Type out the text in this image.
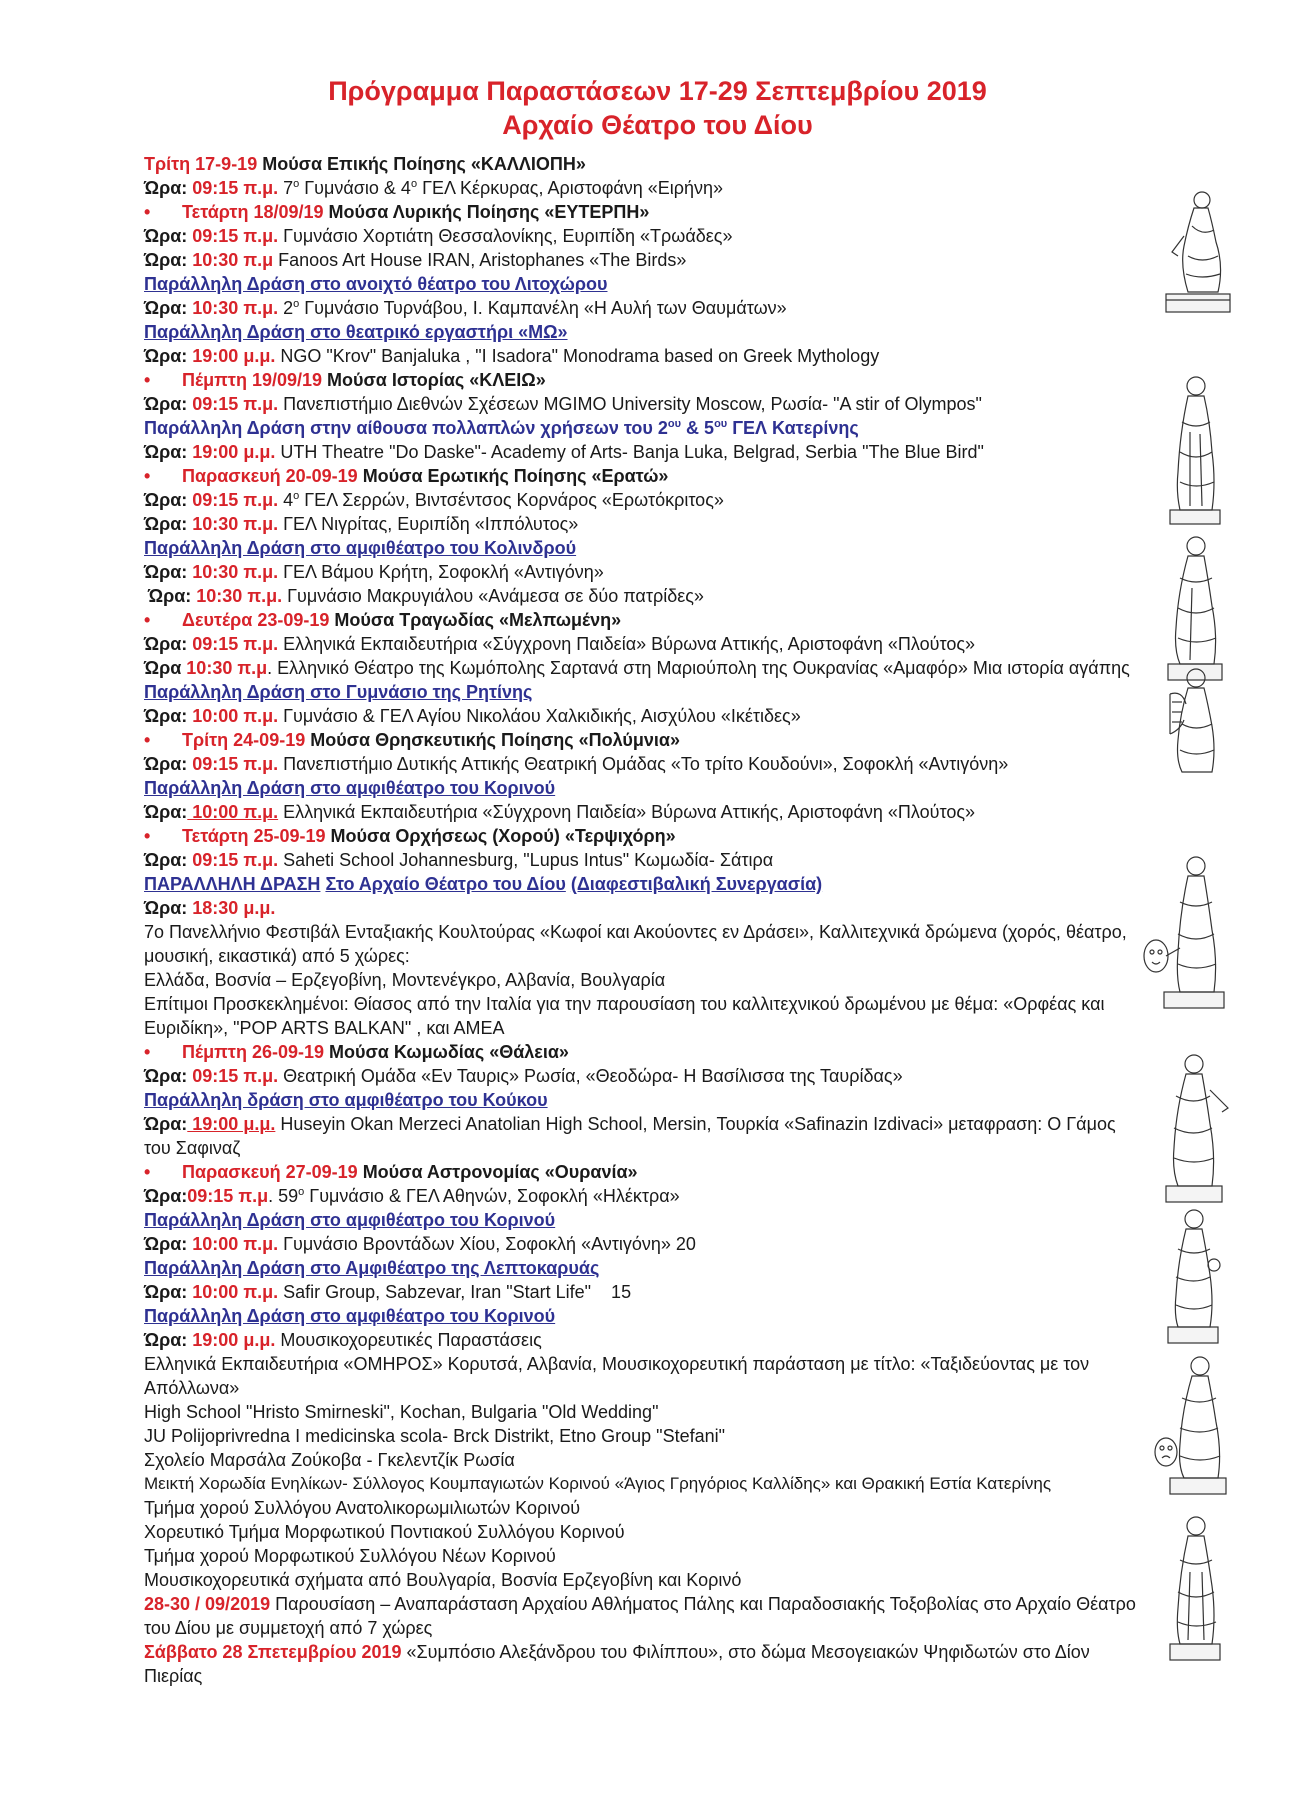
Πρόγραμμα Παραστάσεων 17-29 Σεπτεμβρίου 2019
Αρχαίο Θέατρο του Δίου
Τρίτη 17-9-19 Μούσα Επικής Ποίησης «ΚΑΛΛΙΟΠΗ»
Ώρα: 09:15 π.μ. $7^o$ Γυμνάσιο & $4^o$ ΓΕΛ Κέρκυρας, Αριστοφάνη «Ειρήνη»
• Τετάρτη 18/09/19 Μούσα Λυρικής Ποίησης «ΕΥΤΕΡΠΗ»
Ώρα: 09:15 π.μ. Γυμνάσιο Χορτιάτη Θεσσαλονίκης, Ευριπίδη «Τρωάδες»
Ώρα: 10:30 π.μ Fanoos Art House IRAN, Aristophanes «The Birds»
Παράλληλη Δράση στο ανοιχτό θέατρο του Λιτοχώρου
Ώρα: 10:30 π.μ. $2^o$ Γυμνάσιο Τυρνάβου, Ι. Καμπανέλη «Η Αυλή των Θαυμάτων»
Παράλληλη Δράση στο θεατρικό εργαστήρι «ΜΩ»
Ώρα: 19:00 μ.μ. NGO "Krov" Banjaluka , "I Isadora" Monodrama based on Greek Mythology
• Πέμπτη 19/09/19 Μούσα Ιστορίας «ΚΛΕΙΩ»
Ώρα: 09:15 π.μ. Πανεπιστήμιο Διεθνών Σχέσεων MGIMO University Moscow, Ρωσία- "A stir of Olympos"
Παράλληλη Δράση στην αίθουσα πολλαπλών χρήσεων του $2^{o\upsilon}$ & $5^{o\upsilon}$ ΓΕΛ Κατερίνης
Ώρα: 19:00 μ.μ. UTH Theatre "Do Daske"- Academy of Arts- Banja Luka, Belgrad, Serbia "The Blue Bird"
• Παρασκευή 20-09-19 Μούσα Ερωτικής Ποίησης «Ερατώ»
Ώρα: 09:15 π.μ. $4^o$ ΓΕΛ Σερρών, Βιντσέντσος Κορνάρος «Ερωτόκριτος»
Ώρα: 10:30 π.μ. ΓΕΛ Νιγρίτας, Ευριπίδη «Ιππόλυτος»
Παράλληλη Δράση στο αμφιθέατρο του Κολινδρού
Ώρα: 10:30 π.μ. ΓΕΛ Βάμου Κρήτη, Σοφοκλή «Αντιγόνη»
Ώρα: 10:30 π.μ. Γυμνάσιο Μακρυγιάλου «Ανάμεσα σε δύο πατρίδες»
• Δευτέρα 23-09-19 Μούσα Τραγωδίας «Μελπωμένη»
Ώρα: 09:15 π.μ. Ελληνικά Εκπαιδευτήρια «Σύγχρονη Παιδεία» Βύρωνα Αττικής, Αριστοφάνη «Πλούτος»
Ώρα 10:30 π.μ. Ελληνικό Θέατρο της Κωμόπολης Σαρτανά στη Μαριούπολη της Ουκρανίας «Αμαφόρ» Μια ιστορία αγάπης
Παράλληλη Δράση στο Γυμνάσιο της Ρητίνης
Ώρα: 10:00 π.μ. Γυμνάσιο & ΓΕΛ Αγίου Νικολάου Χαλκιδικής, Αισχύλου «Ικέτιδες»
• Τρίτη 24-09-19 Μούσα Θρησκευτικής Ποίησης «Πολύμνια»
Ώρα: 09:15 π.μ. Πανεπιστήμιο Δυτικής Αττικής Θεατρική Ομάδας «Το τρίτο Κουδούνι», Σοφοκλή «Αντιγόνη»
Παράλληλη Δράση στο αμφιθέατρο του Κορινού
Ώρα: 10:00 π.μ. Ελληνικά Εκπαιδευτήρια «Σύγχρονη Παιδεία» Βύρωνα Αττικής, Αριστοφάνη «Πλούτος»
• Τετάρτη 25-09-19 Μούσα Ορχήσεως (Χορού) «Τερψιχόρη»
Ώρα: 09:15 π.μ. Saheti School Johannesburg, "Lupus Intus" Κωμωδία- Σάτιρα
ΠΑΡΑΛΛΗΛΗ ΔΡΑΣΗ Στο Αρχαίο Θέατρο του Δίου (Διαφεστιβαλική Συνεργασία)
Ώρα: 18:30 μ.μ.
7ο Πανελλήνιο Φεστιβάλ Ενταξιακής Κουλτούρας «Κωφοί και Ακούοντες εν Δράσει», Καλλιτεχνικά δρώμενα (χορός, θέατρο, μουσική, εικαστικά) από 5 χώρες:
Ελλάδα, Βοσνία – Ερζεγοβίνη, Μοντενέγκρο, Αλβανία, Βουλγαρία
Επίτιμοι Προσκεκλημένοι: Θίασος από την Ιταλία για την παρουσίαση του καλλιτεχνικού δρωμένου με θέμα: «Ορφέας και Ευριδίκη», "POP ARTS BALKAN" , και ΑΜΕΑ
• Πέμπτη 26-09-19 Μούσα Κωμωδίας «Θάλεια»
Ώρα: 09:15 π.μ. Θεατρική Ομάδα «Εν Ταυρις» Ρωσία, «Θεοδώρα- Η Βασίλισσα της Ταυρίδας»
Παράλληλη δράση στο αμφιθέατρο του Κούκου
Ώρα: 19:00 μ.μ. Huseyin Okan Merzeci Anatolian High School, Mersin, Τουρκία «Safinazin Izdivaci» μεταφραση: Ο Γάμος του Σαφιναζ
• Παρασκευή 27-09-19 Μούσα Αστρονομίας «Ουρανία»
Ώρα:09:15 π.μ. $59^o$ Γυμνάσιο & ΓΕΛ Αθηνών, Σοφοκλή «Ηλέκτρα»
Παράλληλη Δράση στο αμφιθέατρο του Κορινού
Ώρα: 10:00 π.μ. Γυμνάσιο Βροντάδων Χίου, Σοφοκλή «Αντιγόνη» 20
Παράλληλη Δράση στο Αμφιθέατρο της Λεπτοκαρυάς
Ώρα: 10:00 π.μ. Safir Group, Sabzevar, Iran "Start Life"    15
Παράλληλη Δράση στο αμφιθέατρο του Κορινού
Ώρα: 19:00 μ.μ. Μουσικοχορευτικές Παραστάσεις
Ελληνικά Εκπαιδευτήρια «ΟΜΗΡΟΣ» Κορυτσά, Αλβανία, Μουσικοχορευτική παράσταση με τίτλο: «Ταξιδεύοντας με τον Απόλλωνα»
High School "Hristo Smirneski", Kochan, Bulgaria "Old Wedding"
JU Polijoprivredna I medicinska scola- Brck Distrikt, Etno Group "Stefani"
Σχολείο Μαρσάλα Ζούκοβα - Γκελεντζίκ Ρωσία
Μεικτή Χορωδία Ενηλίκων- Σύλλογος Κουμπαγιωτών Κορινού «Άγιος Γρηγόριος Καλλίδης» και Θρακική Εστία Κατερίνης
Τμήμα χορού Συλλόγου Ανατολικορωμιλιωτών Κορινού
Χορευτικό Τμήμα Μορφωτικού Ποντιακού Συλλόγου Κορινού
Τμήμα χορού Μορφωτικού Συλλόγου Νέων Κορινού
Μουσικοχορευτικά σχήματα από Βουλγαρία, Βοσνία Ερζεγοβίνη και Κορινό
28-30 / 09/2019 Παρουσίαση – Αναπαράσταση Αρχαίου Αθλήματος Πάλης και Παραδοσιακής Τοξοβολίας στο Αρχαίο Θέατρο του Δίου με συμμετοχή από 7 χώρες
Σάββατο 28 Σπετεμβρίου 2019 «Συμπόσιο Αλεξάνδρου του Φιλίππου», στο δώμα Μεσογειακών Ψηφιδωτών στο Δίον Πιερίας
